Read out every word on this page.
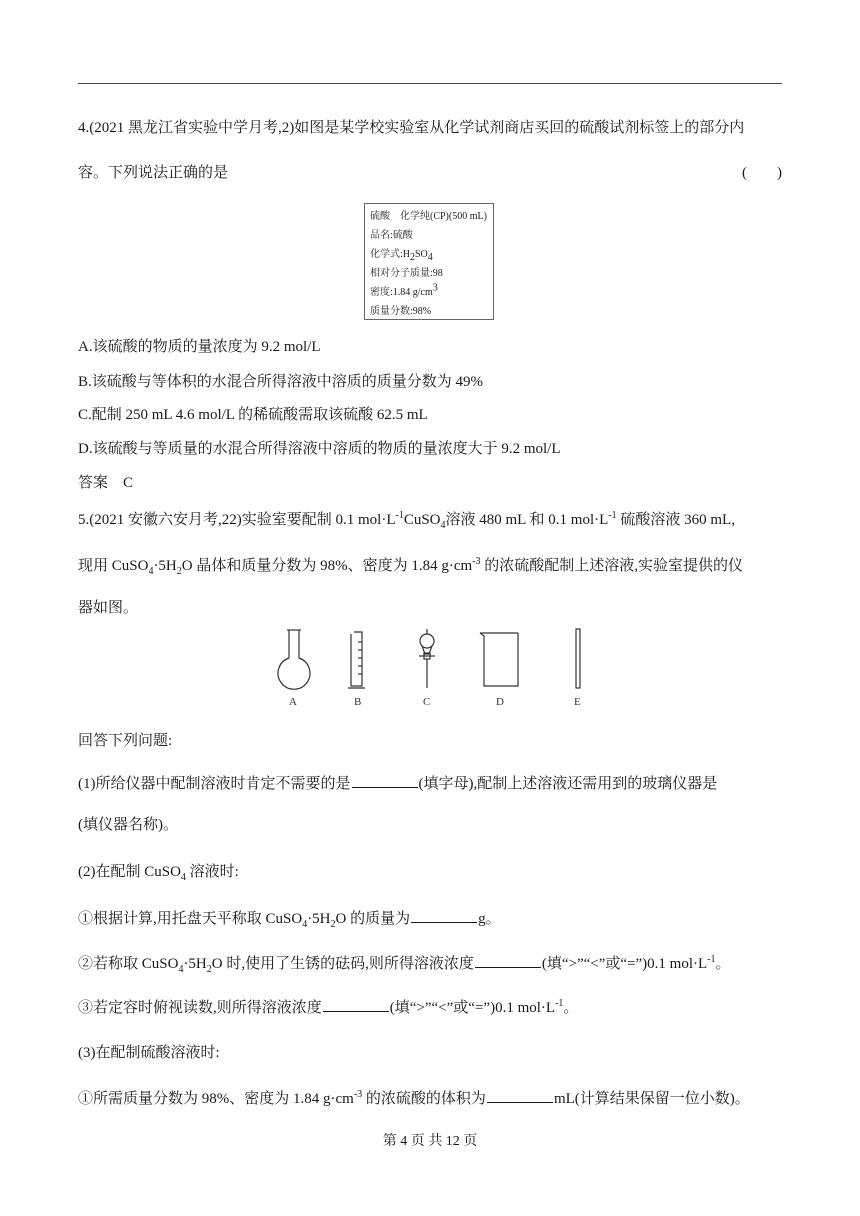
4.(2021 黑龙江省实验中学月考,2)如图是某学校实验室从化学试剂商店买回的硫酸试剂标签上的部分内
容。下列说法正确的是	(　　)
硫酸　化学纯(CP)(500 mL)
品名:硫酸
化学式$:H_2SO_4$
相对分子质量:98
密度:1.84 $g/cm^3$
质量分数:98%
A.该硫酸的物质的量浓度为 9.2 mol/L
B.该硫酸与等体积的水混合所得溶液中溶质的质量分数为 49%
C.配制 250 mL 4.6 mol/L 的稀硫酸需取该硫酸 62.5 mL
D.该硫酸与等质量的水混合所得溶液中溶质的物质的量浓度大于 9.2 mol/L
答案　C
5.(2021 安徽六安月考,22)实验室要配制 0.1 $mol\cdot L^{-1}CuSO_4$溶液 480 mL 和 0.1 $mol\cdot L^{-1}$ 硫酸溶液 360 mL,
现用 $CuSO_4\cdot 5H_2O$ 晶体和质量分数为 98%、密度为 1.84 $g\cdot cm^{-3}$ 的浓硫酸配制上述溶液,实验室提供的仪
器如图。
A	B	C	D	E
回答下列问题:
(1)所给仪器中配制溶液时肯定不需要的是	(填字母),配制上述溶液还需用到的玻璃仪器是
(填仪器名称)。
(2)在配制 CuSO$_4$ 溶液时:
①根据计算,用托盘天平称取 $CuSO_4\cdot 5H_2O$ 的质量为	g。
②若称取 $CuSO_4\cdot 5H_2O$ 时,使用了生锈的砝码,则所得溶液浓度	(填“>”“<”或“=”)0.1 $mol\cdot L^{-1}$。
③若定容时俯视读数,则所得溶液浓度	(填“>”“<”或“=”)0.1 $mol\cdot L^{-1}$。
(3)在配制硫酸溶液时:
①所需质量分数为 98%、密度为 1.84 $g\cdot cm^{-3}$ 的浓硫酸的体积为	mL(计算结果保留一位小数)。
第 4 页 共 12 页
